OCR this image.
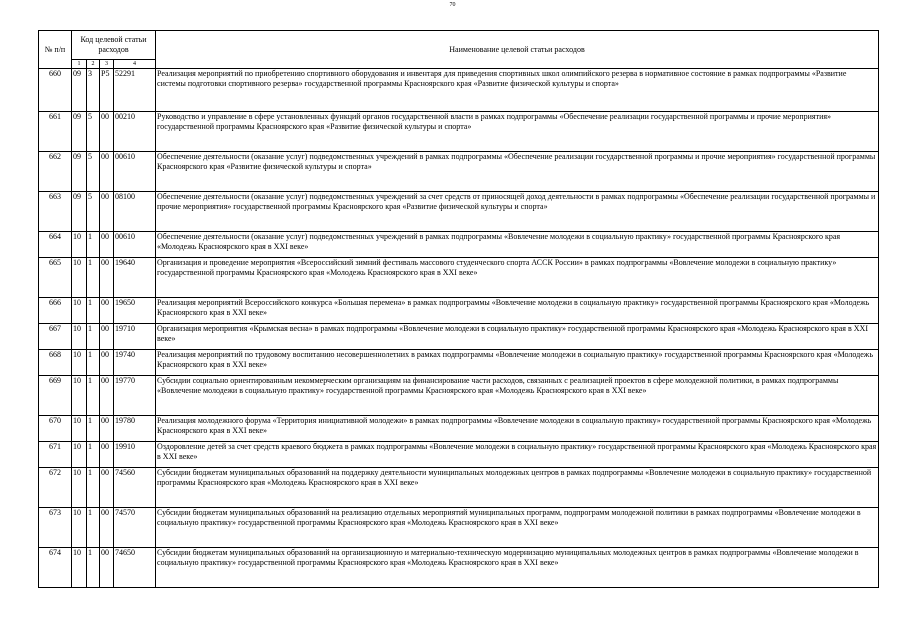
70
№ п/п	Код целевой статьи расходов				Наименование целевой статьи расходов
	1	2	3	4	
660	09	3	P5	52291	Реализация мероприятий по приобретению спортивного оборудования и инвентаря для приведения спортивных школ олимпийского резерва в нормативное состояние в рамках подпрограммы «Развитие системы подготовки спортивного резерва» государственной программы Красноярского края «Развитие физической культуры и спорта»
661	09	5	00	00210	Руководство и управление в сфере установленных функций органов государственной власти в рамках подпрограммы «Обеспечение реализации государственной программы и прочие мероприятия» государственной программы Красноярского края «Развитие физической культуры и спорта»
662	09	5	00	00610	Обеспечение деятельности (оказание услуг) подведомственных учреждений в рамках подпрограммы «Обеспечение реализации государственной программы и прочие мероприятия» государственной программы Красноярского края «Развитие физической культуры и спорта»
663	09	5	00	08100	Обеспечение деятельности (оказание услуг) подведомственных учреждений за счет средств от приносящей доход деятельности в рамках подпрограммы «Обеспечение реализации государственной программы и прочие мероприятия» государственной программы Красноярского края «Развитие физической культуры и спорта»
664	10	1	00	00610	Обеспечение деятельности (оказание услуг) подведомственных учреждений в рамках подпрограммы «Вовлечение молодежи в социальную практику» государственной программы Красноярского края «Молодежь Красноярского края в XXI веке»
665	10	1	00	19640	Организация и проведение мероприятия «Всероссийский зимний фестиваль массового студенческого спорта АССК России» в рамках подпрограммы «Вовлечение молодежи в социальную практику» государственной программы Красноярского края «Молодежь Красноярского края в XXI веке»
666	10	1	00	19650	Реализация мероприятий Всероссийского конкурса «Большая перемена» в рамках подпрограммы «Вовлечение молодежи в социальную практику» государственной программы Красноярского края «Молодежь Красноярского края в XXI веке»
667	10	1	00	19710	Организация мероприятия «Крымская весна» в рамках подпрограммы «Вовлечение молодежи в социальную практику» государственной программы Красноярского края «Молодежь Красноярского края в XXI веке»
668	10	1	00	19740	Реализация мероприятий по трудовому воспитанию несовершеннолетних в рамках подпрограммы «Вовлечение молодежи в социальную практику» государственной программы Красноярского края «Молодежь Красноярского края в XXI веке»
669	10	1	00	19770	Субсидии социально ориентированным некоммерческим организациям на финансирование части расходов, связанных с реализацией проектов в сфере молодежной политики, в рамках подпрограммы «Вовлечение молодежи в социальную практику» государственной программы Красноярского края «Молодежь Красноярского края в XXI веке»
670	10	1	00	19780	Реализация молодежного форума «Территория инициативной молодежи» в рамках подпрограммы «Вовлечение молодежи в социальную практику» государственной программы Красноярского края «Молодежь Красноярского края в XXI веке»
671	10	1	00	19910	Оздоровление детей за счет средств краевого бюджета в рамках подпрограммы «Вовлечение молодежи в социальную практику» государственной программы Красноярского края «Молодежь Красноярского края в XXI веке»
672	10	1	00	74560	Субсидии бюджетам муниципальных образований на поддержку деятельности муниципальных молодежных центров в рамках подпрограммы «Вовлечение молодежи в социальную практику» государственной программы Красноярского края «Молодежь Красноярского края в XXI веке»
673	10	1	00	74570	Субсидии бюджетам муниципальных образований на реализацию отдельных мероприятий муниципальных программ, подпрограмм молодежной политики в рамках подпрограммы «Вовлечение молодежи в социальную практику» государственной программы Красноярского края «Молодежь Красноярского края в XXI веке»
674	10	1	00	74650	Субсидии бюджетам муниципальных образований на организационную и материально-техническую модернизацию муниципальных молодежных центров в рамках подпрограммы «Вовлечение молодежи в социальную практику» государственной программы Красноярского края «Молодежь Красноярского края в XXI веке»
